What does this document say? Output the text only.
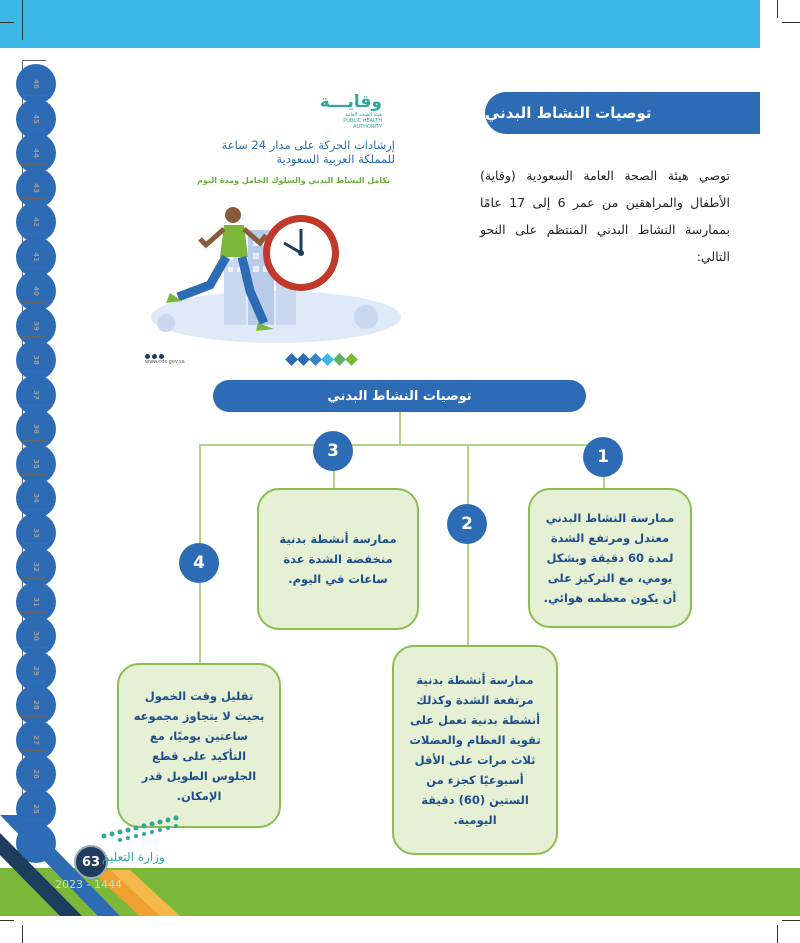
46
45
44
43
42
41
40
39
38
37
36
35
34
33
32
31
30
29
28
27
26
25
توصيات النشاط البدني
توصي هيئة الصحة العامة السعودية (وقاية) الأطفال والمراهقين من عمر 6 إلى 17 عامًا بممارسة النشاط البدني المنتظم على النحو التالي:
وقايـــة
هيئة الصحة العامة
PUBLIC HEALTH AUTHORITY
إرشادات الحركة على مدار 24 ساعة
للمملكة العربية السعودية
تكامل النشاط البدني والسلوك الخامل ومدة النوم
www.cdc.gov.sa
توصيات النشاط البدني
1
3
2
4
ممارسة النشاط البدني معتدل ومرتفع الشدة لمدة 60 دقيقة وبشكل يومي، مع التركيز على أن يكون معظمه هوائي.
ممارسة أنشطة بدنية منخفضة الشدة عدة ساعات في اليوم.
ممارسة أنشطة بدنية مرتفعة الشدة وكذلك أنشطة بدنية تعمل على تقوية العظام والعضلات ثلاث مرات على الأقل أسبوعيًا كجزء من الستين (60) دقيقة اليومية.
تقليل وقت الخمول بحيث لا يتجاوز مجموعه ساعتين يوميًا، مع التأكيد على قطع الجلوس الطويل قدر الإمكان.
63 وزارة التعليم
2023 - 1444
